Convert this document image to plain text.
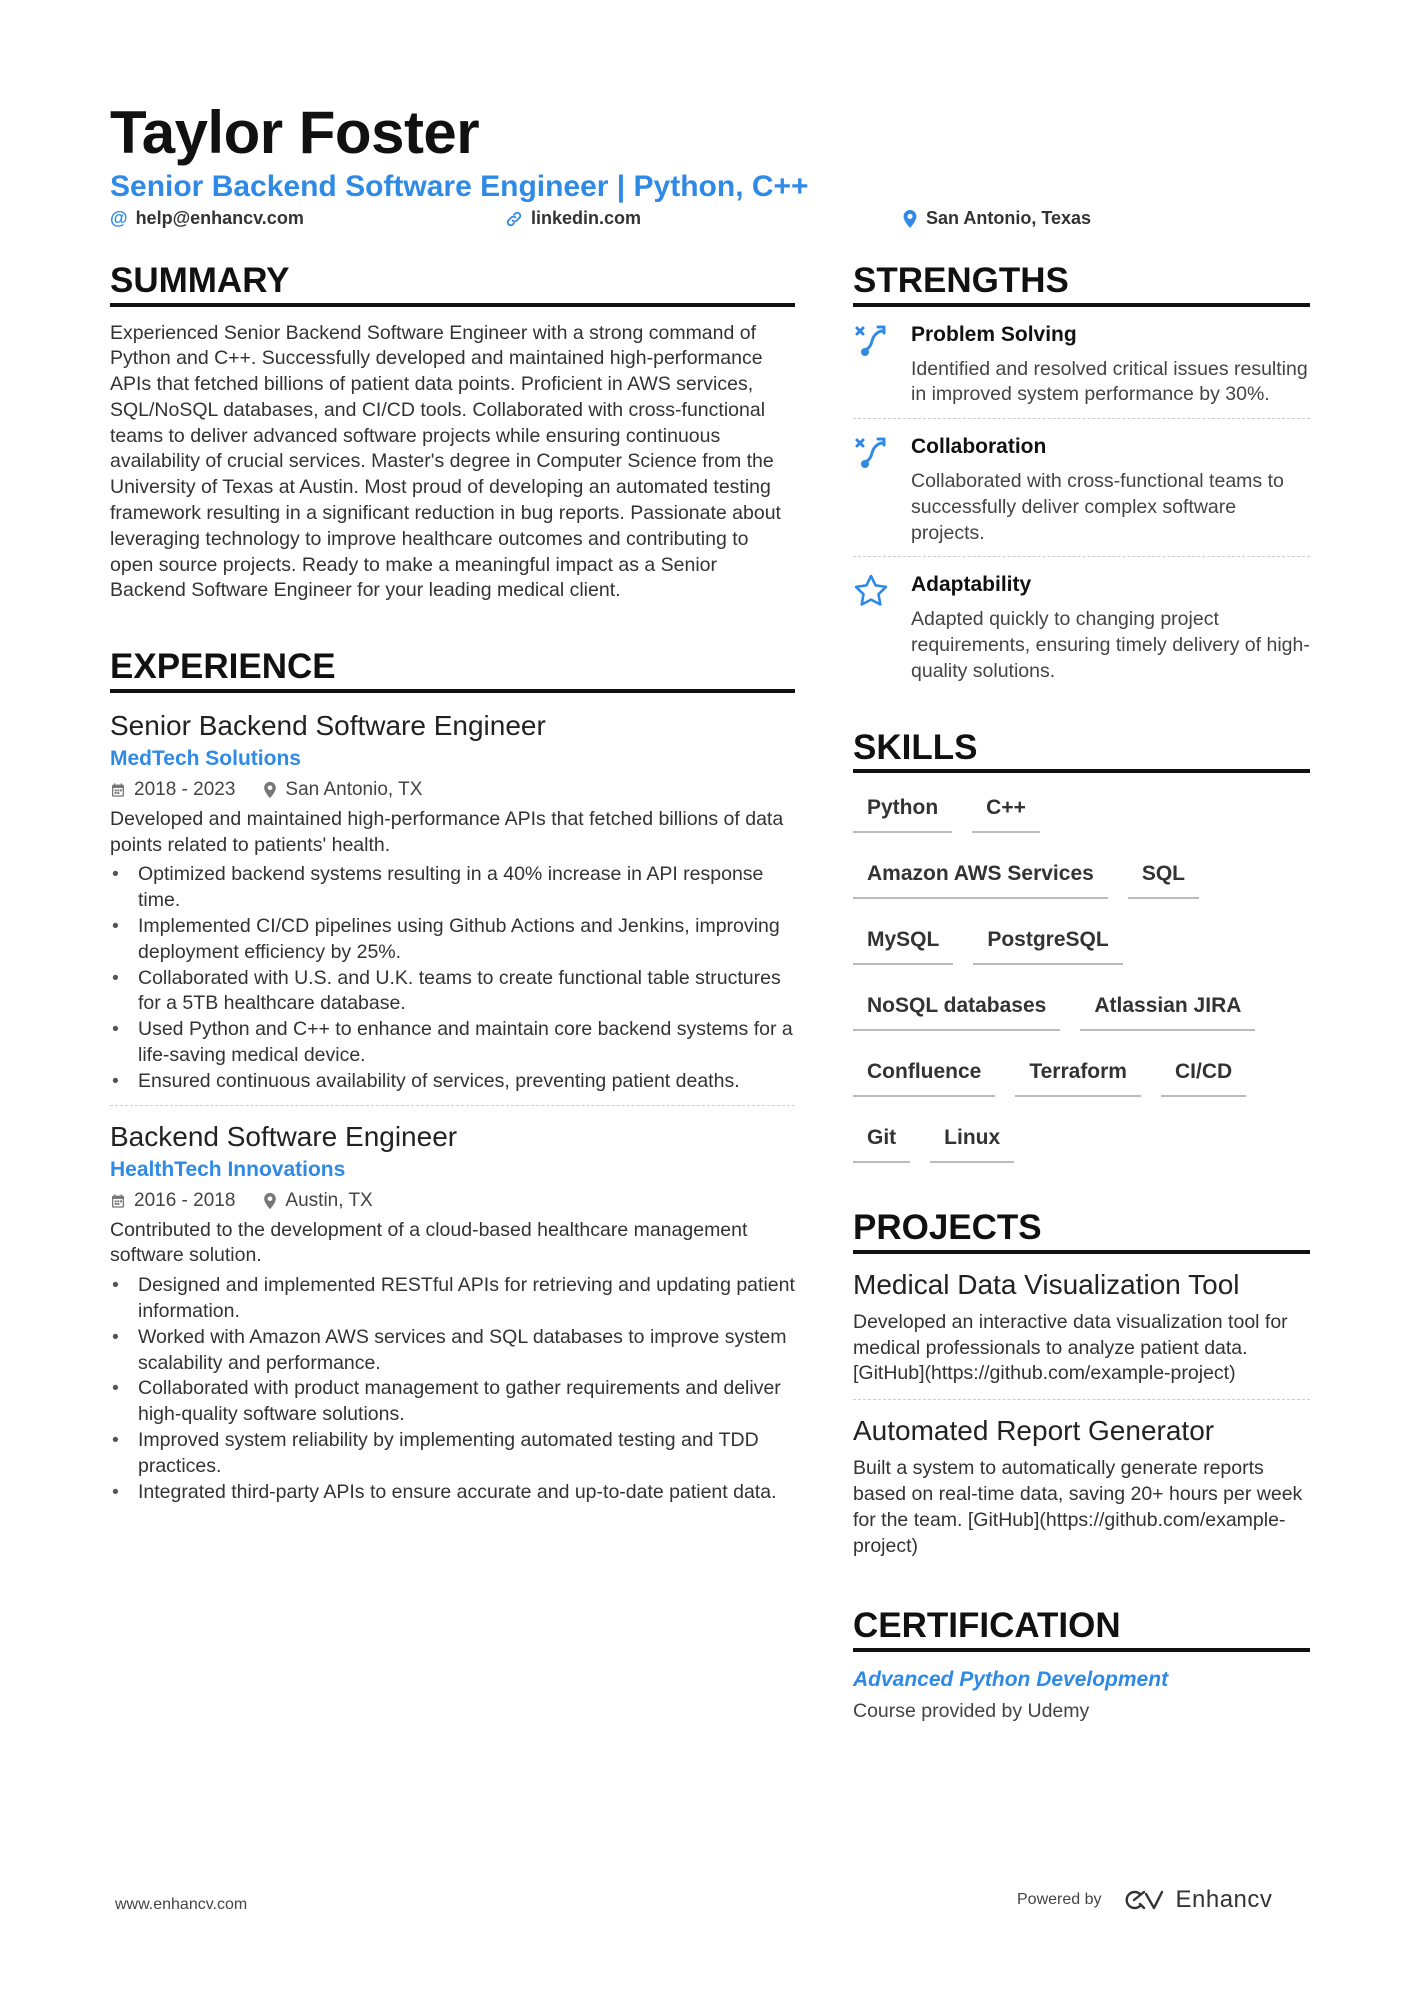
Taylor Foster
Senior Backend Software Engineer | Python, C++
@ help@enhancv.com	linkedin.com	San Antonio, Texas
SUMMARY
Experienced Senior Backend Software Engineer with a strong command of Python and C++. Successfully developed and maintained high-performance APIs that fetched billions of patient data points. Proficient in AWS services, SQL/NoSQL databases, and CI/CD tools. Collaborated with cross-functional teams to deliver advanced software projects while ensuring continuous availability of crucial services. Master's degree in Computer Science from the University of Texas at Austin. Most proud of developing an automated testing framework resulting in a significant reduction in bug reports. Passionate about leveraging technology to improve healthcare outcomes and contributing to open source projects. Ready to make a meaningful impact as a Senior Backend Software Engineer for your leading medical client.
EXPERIENCE
Senior Backend Software Engineer
MedTech Solutions
2018 - 2023	San Antonio, TX
Developed and maintained high-performance APIs that fetched billions of data points related to patients' health.
• Optimized backend systems resulting in a 40% increase in API response time.
• Implemented CI/CD pipelines using Github Actions and Jenkins, improving deployment efficiency by 25%.
• Collaborated with U.S. and U.K. teams to create functional table structures for a 5TB healthcare database.
• Used Python and C++ to enhance and maintain core backend systems for a life-saving medical device.
• Ensured continuous availability of services, preventing patient deaths.
Backend Software Engineer
HealthTech Innovations
2016 - 2018	Austin, TX
Contributed to the development of a cloud-based healthcare management software solution.
• Designed and implemented RESTful APIs for retrieving and updating patient information.
• Worked with Amazon AWS services and SQL databases to improve system scalability and performance.
• Collaborated with product management to gather requirements and deliver high-quality software solutions.
• Improved system reliability by implementing automated testing and TDD practices.
• Integrated third-party APIs to ensure accurate and up-to-date patient data.
STRENGTHS
Problem Solving
Identified and resolved critical issues resulting in improved system performance by 30%.
Collaboration
Collaborated with cross-functional teams to successfully deliver complex software projects.
Adaptability
Adapted quickly to changing project requirements, ensuring timely delivery of high-quality solutions.
SKILLS
Python	C++
Amazon AWS Services	SQL
MySQL	PostgreSQL
NoSQL databases	Atlassian JIRA
Confluence	Terraform	CI/CD
Git	Linux
PROJECTS
Medical Data Visualization Tool
Developed an interactive data visualization tool for medical professionals to analyze patient data. [GitHub](https://github.com/example-project)
Automated Report Generator
Built a system to automatically generate reports based on real-time data, saving 20+ hours per week for the team. [GitHub](https://github.com/example-project)
CERTIFICATION
Advanced Python Development
Course provided by Udemy
www.enhancv.com	Powered by	Enhancv
